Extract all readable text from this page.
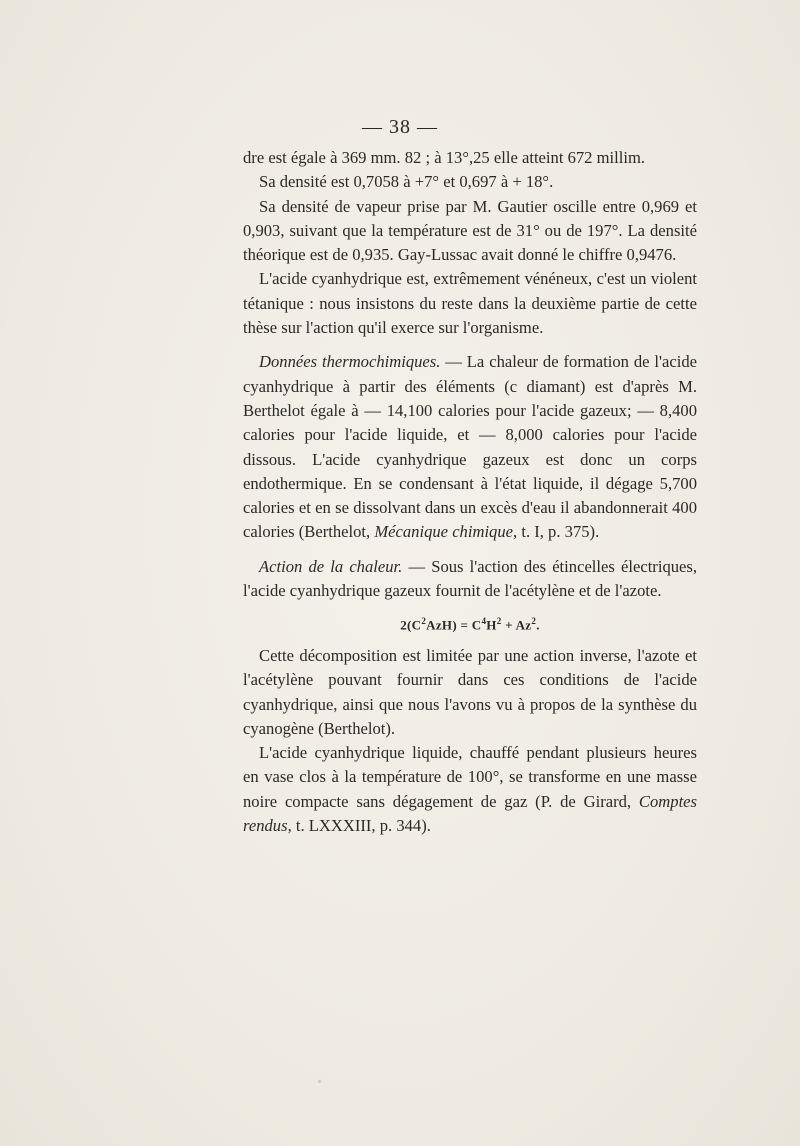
— 38 —

dre est égale à 369 mm. 82 ; à 13°,25 elle atteint 672 millim.

Sa densité est 0,7058 à +7° et 0,697 à + 18°.

Sa densité de vapeur prise par M. Gautier oscille entre 0,969 et 0,903, suivant que la température est de 31° ou de 197°. La densité théorique est de 0,935. Gay-Lussac avait donné le chiffre 0,9476.

L'acide cyanhydrique est, extrêmement vénéneux, c'est un violent tétanique : nous insistons du reste dans la deuxième partie de cette thèse sur l'action qu'il exerce sur l'organisme.

Données thermochimiques. — La chaleur de formation de l'acide cyanhydrique à partir des éléments (c diamant) est d'après M. Berthelot égale à — 14,100 calories pour l'acide gazeux; — 8,400 calories pour l'acide liquide, et — 8,000 calories pour l'acide dissous. L'acide cyanhydrique gazeux est donc un corps endothermique. En se condensant à l'état liquide, il dégage 5,700 calories et en se dissolvant dans un excès d'eau il abandonnerait 400 calories (Berthelot, Mécanique chimique, t. I, p. 375).

Action de la chaleur. — Sous l'action des étincelles électriques, l'acide cyanhydrique gazeux fournit de l'acétylène et de l'azote.

$2(C^2AzH) = C^4H^2 + Az^2$.

Cette décomposition est limitée par une action inverse, l'azote et l'acétylène pouvant fournir dans ces conditions de l'acide cyanhydrique, ainsi que nous l'avons vu à propos de la synthèse du cyanogène (Berthelot).

L'acide cyanhydrique liquide, chauffé pendant plusieurs heures en vase clos à la température de 100°, se transforme en une masse noire compacte sans dégagement de gaz (P. de Girard, Comptes rendus, t. LXXXIII, p. 344).
